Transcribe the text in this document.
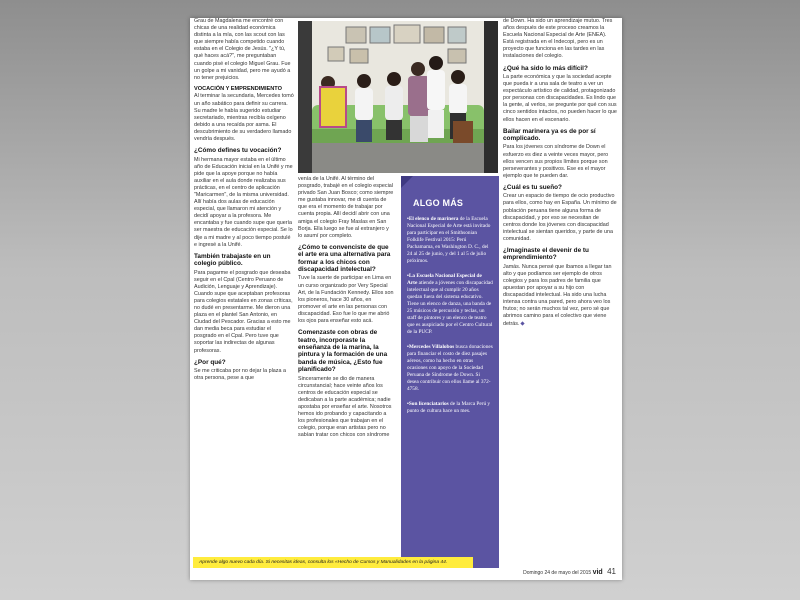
Grau de Magdalena me encontré con chicas de una realidad económica distinta a la mía, con las scout con las que siempre había competido cuando estaba en el Colegio de Jesús. "¿Y tú, qué haces acá?", me preguntaban cuando pisé el colegio Miguel Grau. Fue un golpe a mi vanidad, pero me ayudó a no tener prejuicios.

VOCACIÓN Y EMPRENDIMIENTO

Al terminar la secundaria, Mercedes tomó un año sabático para definir su carrera. Su madre le había sugerido estudiar secretariado, mientras recibía oxígeno debido a una recaída por asma. El descubrimiento de su verdadero llamado vendría después.

¿Cómo defines tu vocación?

Mi hermana mayor estaba en el último año de Educación inicial en la Unifé y me pide que la apoye porque no había auxiliar en el aula donde realizaba sus prácticas, en el centro de aplicación "Maricarmen", de la misma universidad. Allí había dos aulas de educación especial, que llamaron mi atención y decidí apoyar a la profesora. Me encantaba y fue cuando supe que quería ser maestra de educación especial. Se lo dije a mi madre y al poco tiempo postulé e ingresé a la Unifé.

También trabajaste en un colegio público.

Para pagarme el posgrado que deseaba seguir en el Cpal (Centro Peruano de Audición, Lenguaje y Aprendizaje). Cuando supe que aceptaban profesoras para colegios estatales en zonas críticas, no dudé en presentarme. Me dieron una plaza en el plantel San Antonio, en Ciudad del Pescador. Gracias a esto me dan media beca para estudiar el posgrado en el Cpal. Pero tuve que soportar las indirectas de algunas profesoras.

¿Por qué?

Se me criticaba por no dejar la plaza a otra persona, pese a que

venía de la Unifé. Al término del posgrado, trabajé en el colegio especial privado San Juan Bosco; como siempre me gustaba innovar, me di cuenta de que era el momento de trabajar por cuenta propia. Allí decidí abrir con una amiga el colegio Fray Maslas en San Borja. Ella luego se fue al extranjero y lo asumí por completo.

¿Cómo te convenciste de que el arte era una alternativa para formar a los chicos con discapacidad intelectual?

Tuve la suerte de participar en Lima en un curso organizado por Very Special Art, de la Fundación Kennedy. Ellos son los pioneros, hace 30 años, en promover el arte en las personas con discapacidad. Eso fue lo que me abrió los ojos para enseñar esto acá.

Comenzaste con obras de teatro, incorporaste la enseñanza de la marina, la pintura y la formación de una banda de música, ¿Esto fue planificado?

Sinceramente se dio de manera circunstancial; hace veinte años los centros de educación especial se dedicaban a la parte académica; nadie apostaba por enseñar el arte. Nosotros hemos ido probando y capacitando a los profesionales que trabajan en el colegio, porque eran artistas pero no sabían tratar con chicos con síndrome

ALGO MÁS
•El elenco de marinera de la Escuela Nacional Especial de Arte está invitado para participar en el Smithsonian Folklife Festival 2015: Perú Pachamama, en Washington D. C., del 24 al 25 de junio, y del 1 al 5 de julio próximos.
•La Escuela Nacional Especial de Arte atiende a jóvenes con discapacidad intelectual que al cumplir 20 años quedan fuera del sistema educativo. Tiene un elenco de danza, una banda de 25 músicos de percusión y teclas, un staff de pintores y un elenco de teatro que es auspiciado por el Centro Cultural de la PUCP.
•Mercedes Villalobos busca donaciones para financiar el costo de diez pasajes aéreos, como ha hecho en otras ocasiones con apoyo de la Sociedad Peruana de Síndrome de Down. Si desea contribuir con ellos llame al 372-4758.
•Son licenciatarios de la Marca Perú y punto de cultura hace un mes.

de Down. Ha sido un aprendizaje mutuo. Tres años después de este proceso creamos la Escuela Nacional Especial de Arte (ENEA). Está registrada en el Indecopi, pero es un proyecto que funciona en las tardes en las instalaciones del colegio.

¿Qué ha sido lo más difícil?

La parte económica y que la sociedad acepte que pueda ir a una sala de teatro a ver un espectáculo artístico de calidad, protagonizado por personas con discapacidades. Es lindo que la gente, al verlos, se pregunte por qué con sus cinco sentidos intactos, no pueden hacer lo que ellos hacen en el escenario.

Bailar marinera ya es de por sí complicado.

Para los jóvenes con síndrome de Down el esfuerzo es diez a veinte veces mayor, pero ellos vencen sus propios límites porque son perseverantes y positivos. Ese es el mayor ejemplo que te pueden dar.

¿Cuál es tu sueño?

Crear un espacio de tiempo de ocio productivo para ellos, como hay en España. Un mínimo de población peruana tiene alguna forma de discapacidad, y por eso se necesitan de centros donde los jóvenes con discapacidad intelectual se sientan queridos, y parte de una comunidad.

¿Imaginaste el devenir de tu emprendimiento?

Jamás. Nunca pensé que íbamos a llegar tan alto y que podíamos ser ejemplo de otros colegios y para los padres de familia que apuestan por apoyar a su hijo con discapacidad intelectual. Ha sido una lucha intensa contra una pared, pero ahora veo los frutos; no serán muchos tal vez, pero sé que abrimos camino para el colectivo que viene detrás.

Aprende algo nuevo cada día. Si necesitas ideas, consulta los «Hecho de Cursos y Manualidades en la página 44.
Domingo 24 de mayo del 2015 vid 41
